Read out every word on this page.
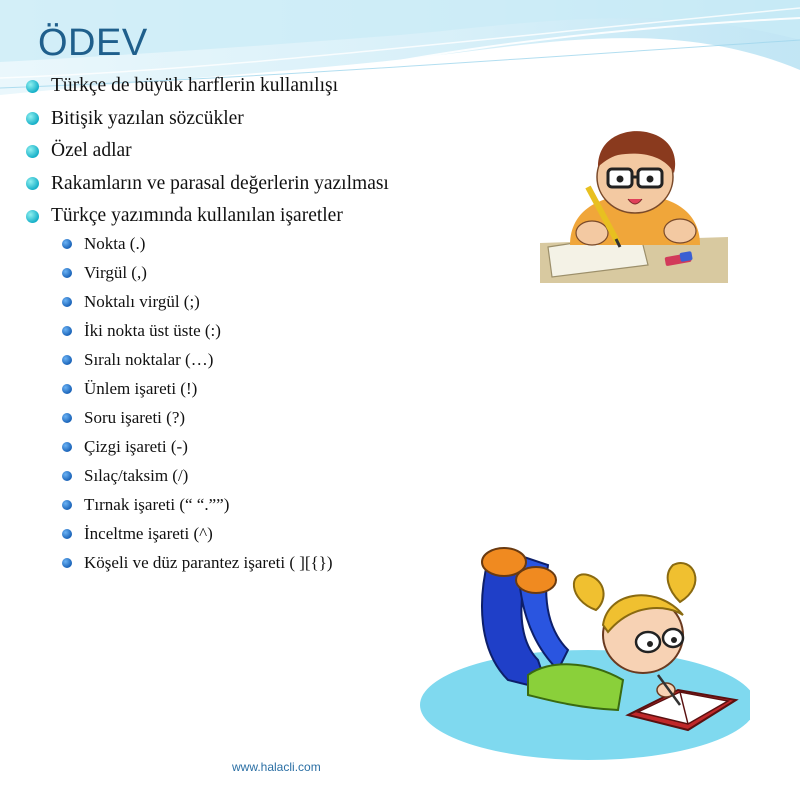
ÖDEV
Türkçe de büyük harflerin kullanılışı
Bitişik yazılan sözcükler
Özel adlar
Rakamların ve parasal değerlerin yazılması
Türkçe yazımında kullanılan işaretler
Nokta (.)
Virgül (,)
Noktalı virgül (;)
İki nokta üst üste (:)
Sıralı noktalar (…)
Ünlem işareti (!)
Soru işareti (?)
Çizgi işareti (-)
Sılaç/taksim (/)
Tırnak işareti (“ “.””)
İnceltme işareti (^)
Köşeli ve düz parantez işareti ( ][{})
www.halacli.com
